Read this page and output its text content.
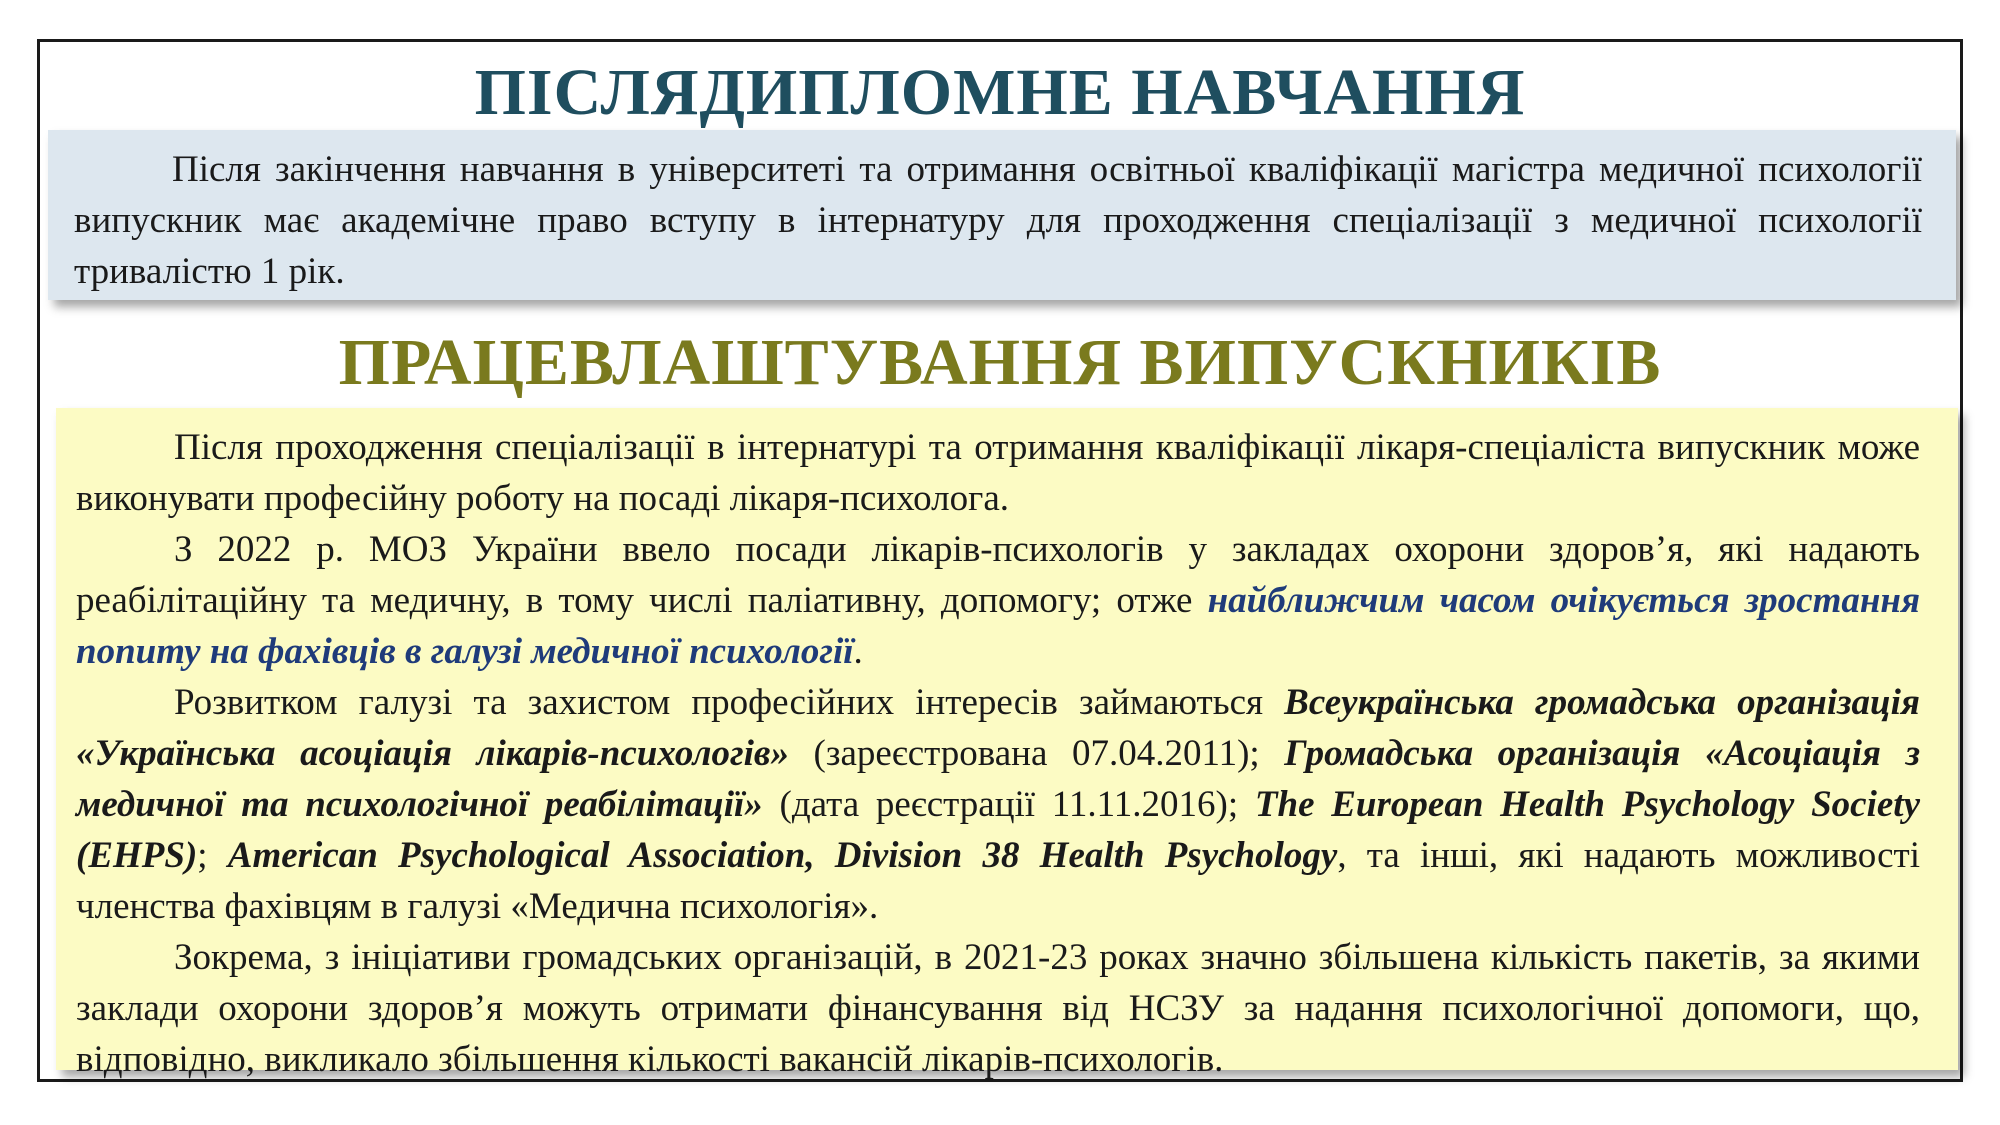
ПІСЛЯДИПЛОМНЕ НАВЧАННЯ

Після закінчення навчання в університеті та отримання освітньої кваліфікації магістра медичної психології випускник має академічне право вступу в інтернатуру для проходження спеціалізації з медичної психології тривалістю 1 рік.

ПРАЦЕВЛАШТУВАННЯ ВИПУСКНИКІВ

Після проходження спеціалізації в інтернатурі та отримання кваліфікації лікаря-спеціаліста випускник може виконувати професійну роботу на посаді лікаря-психолога.

З 2022 р. МОЗ України ввело посади лікарів-психологів у закладах охорони здоров’я, які надають реабілітаційну та медичну, в тому числі паліативну, допомогу; отже найближчим часом очікується зростання попиту на фахівців в галузі медичної психології.

Розвитком галузі та захистом професійних інтересів займаються Всеукраїнська громадська організація «Українська асоціація лікарів-психологів» (зареєстрована 07.04.2011); Громадська організація «Асоціація з медичної та психологічної реабілітації» (дата реєстрації 11.11.2016); The European Health Psychology Society (EHPS); American Psychological Association, Division 38 Health Psychology, та інші, які надають можливості членства фахівцям в галузі «Медична психологія».

Зокрема, з ініціативи громадських організацій, в 2021-23 роках значно збільшена кількість пакетів, за якими заклади охорони здоров’я можуть отримати фінансування від НСЗУ за надання психологічної допомоги, що, відповідно, викликало збільшення кількості вакансій лікарів-психологів.
